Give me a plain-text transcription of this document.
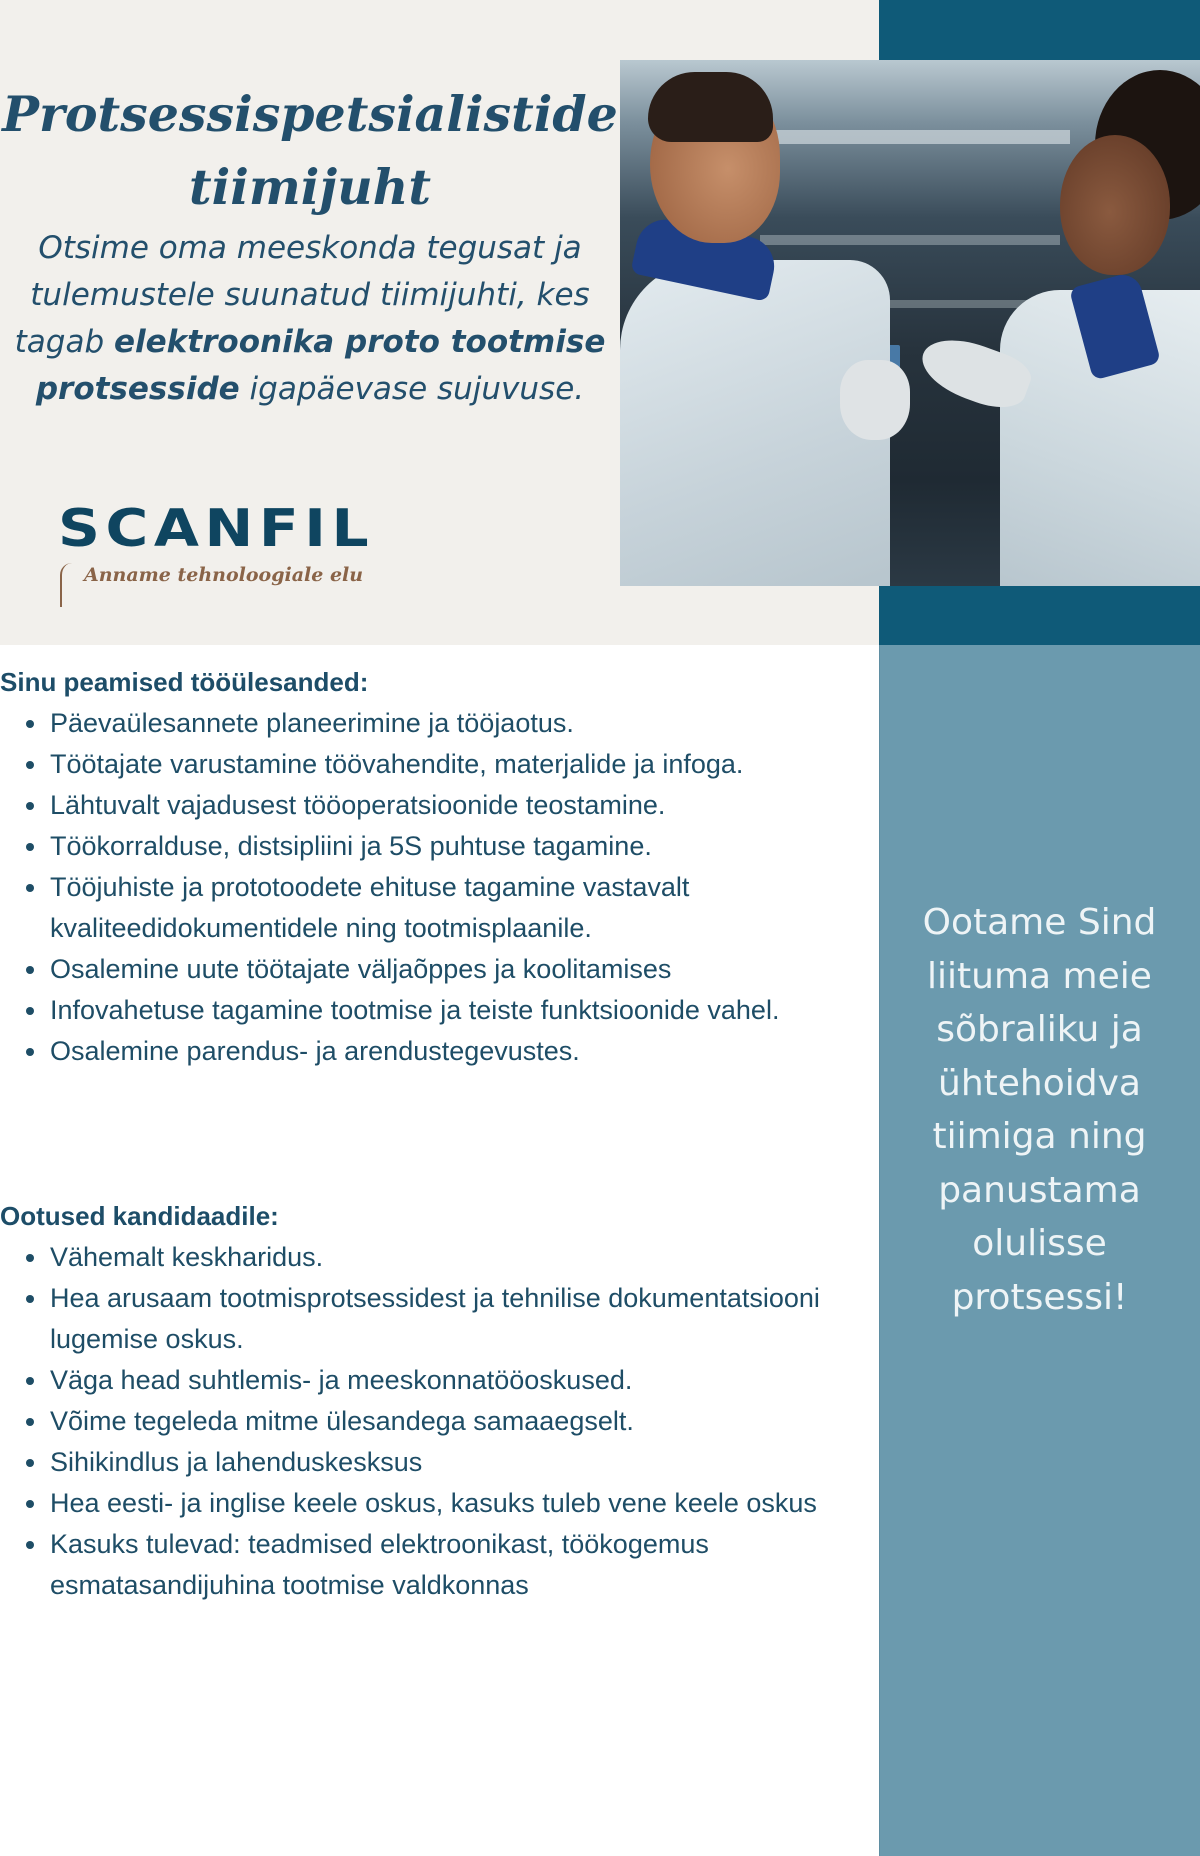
Protsessispetsialistide
tiimijuht

Otsime oma meeskonda tegusat ja tulemustele suunatud tiimijuhti, kes tagab elektroonika proto tootmise protsesside igapäevase sujuvuse.

SCANFIL
Anname tehnoloogiale elu
Sinu peamised tööülesanded:
Päevaülesannete planeerimine ja tööjaotus.
Töötajate varustamine töövahendite, materjalide ja infoga.
Lähtuvalt vajadusest tööoperatsioonide teostamine.
Töökorralduse, distsipliini ja 5S puhtuse tagamine.
Tööjuhiste ja prototoodete ehituse tagamine vastavalt kvaliteedidokumentidele ning tootmisplaanile.
Osalemine uute töötajate väljaõppes ja koolitamises
Infovahetuse tagamine tootmise ja teiste funktsioonide vahel.
Osalemine parendus- ja arendustegevustes.
Ootused kandidaadile:
Vähemalt keskharidus.
Hea arusaam tootmisprotsessidest ja tehnilise dokumentatsiooni lugemise oskus.
Väga head suhtlemis- ja meeskonnatööoskused.
Võime tegeleda mitme ülesandega samaaegselt.
Sihikindlus ja lahenduskesksus
Hea eesti- ja inglise keele oskus, kasuks tuleb vene keele oskus
Kasuks tulevad: teadmised elektroonikast, töökogemus esmatasandijuhina tootmise valdkonnas

Ootame Sind liituma meie sõbraliku ja ühtehoidva tiimiga ning panustama olulisse protsessi!
